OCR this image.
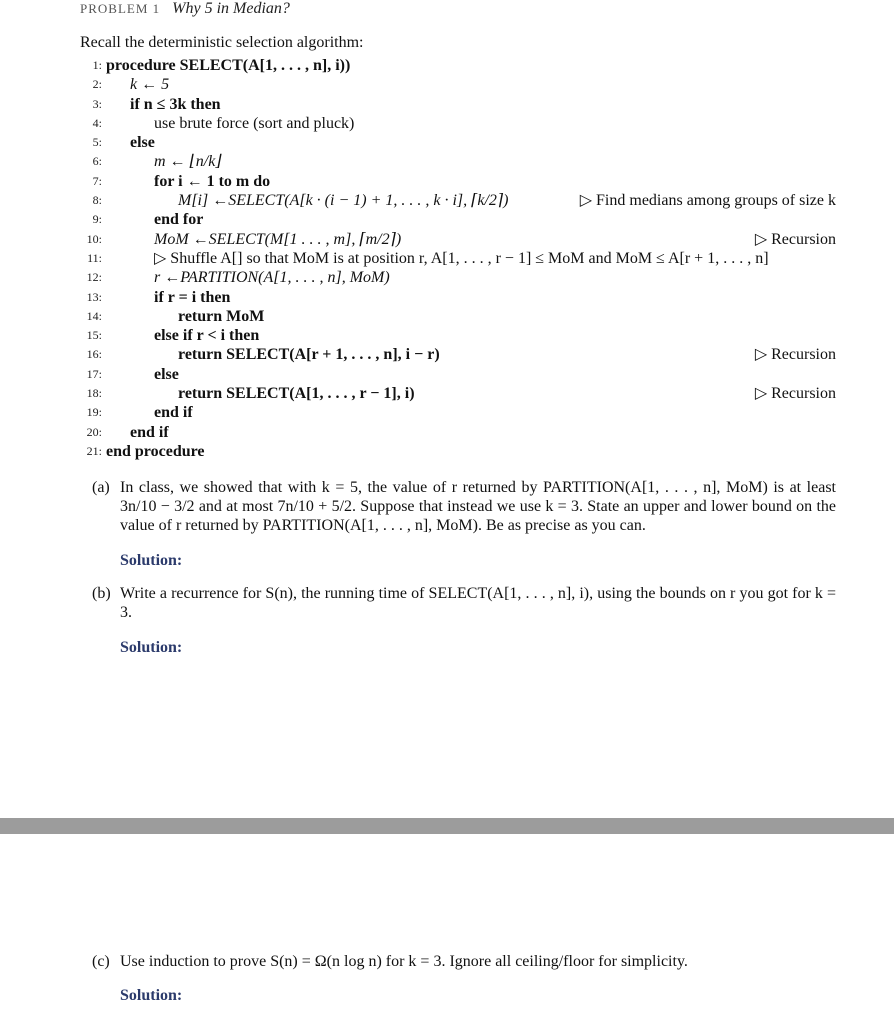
PROBLEM 1 Why 5 in Median?
Recall the deterministic selection algorithm:
1: procedure SELECT(A[1, . . . , n], i))
2: k ← 5
3: if n ≤ 3k then
4:	use brute force (sort and pluck)
5: else
6:	m ← ⌊n/k⌋
7:	for i ← 1 to m do
8:	M[i] ←SELECT(A[k · (i − 1) + 1, . . . , k · i], ⌈k/2⌉)	▷ Find medians among groups of size k
9:	end for
10:	MoM ←SELECT(M[1 . . . , m], ⌈m/2⌉)	▷ Recursion
11:	▷ Shuffle A[] so that MoM is at position r, A[1, . . . , r − 1] ≤ MoM and MoM ≤ A[r + 1, . . . , n]
12:	r ←PARTITION(A[1, . . . , n], MoM)
13:	if r = i then
14:	return MoM
15:	else if r < i then
16:	return SELECT(A[r + 1, . . . , n], i − r)	▷ Recursion
17:	else
18:	return SELECT(A[1, . . . , r − 1], i)	▷ Recursion
19:	end if
20: end if
21: end procedure
(a) In class, we showed that with k = 5, the value of r returned by PARTITION(A[1, . . . , n], MoM) is at least 3n/10 − 3/2 and at most 7n/10 + 5/2. Suppose that instead we use k = 3. State an upper and lower bound on the value of r returned by PARTITION(A[1, . . . , n], MoM). Be as precise as you can.
Solution:
(b) Write a recurrence for S(n), the running time of SELECT(A[1, . . . , n], i), using the bounds on r you got for k = 3.
Solution:
(c) Use induction to prove S(n) = Ω(n log n) for k = 3. Ignore all ceiling/floor for simplicity.
Solution:
